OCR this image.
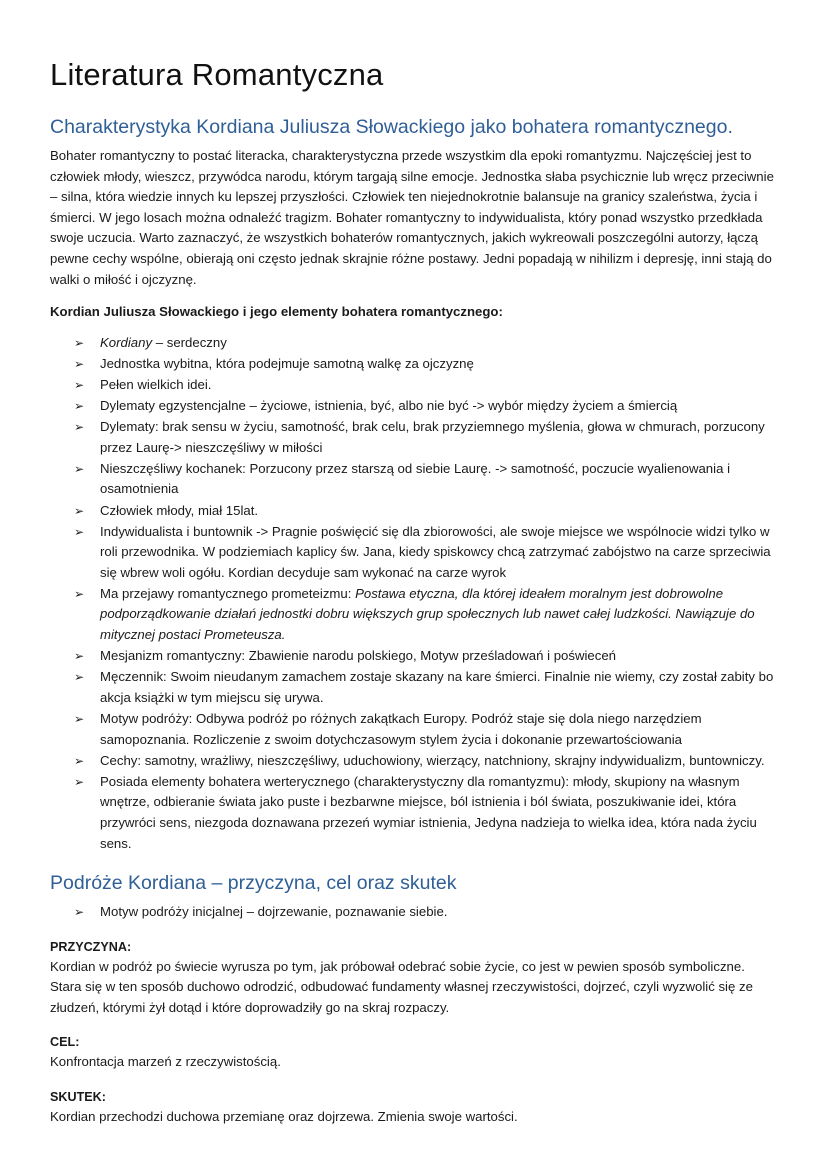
Literatura Romantyczna
Charakterystyka Kordiana Juliusza Słowackiego jako bohatera romantycznego.

Bohater romantyczny to postać literacka, charakterystyczna przede wszystkim dla epoki romantyzmu. Najczęściej jest to człowiek młody, wieszcz, przywódca narodu, którym targają silne emocje. Jednostka słaba psychicznie lub wręcz przeciwnie – silna, która wiedzie innych ku lepszej przyszłości. Człowiek ten niejednokrotnie balansuje na granicy szaleństwa, życia i śmierci. W jego losach można odnaleźć tragizm. Bohater romantyczny to indywidualista, który ponad wszystko przedkłada swoje uczucia. Warto zaznaczyć, że wszystkich bohaterów romantycznych, jakich wykreowali poszczególni autorzy, łączą pewne cechy wspólne, obierają oni często jednak skrajnie różne postawy. Jedni popadają w nihilizm i depresję, inni stają do walki o miłość i ojczyznę.

Kordian Juliusza Słowackiego i jego elementy bohatera romantycznego:
➢ Kordiany – serdeczny
➢ Jednostka wybitna, która podejmuje samotną walkę za ojczyznę
➢ Pełen wielkich idei.
➢ Dylematy egzystencjalne – życiowe, istnienia, być, albo nie być -> wybór między życiem a śmiercią
➢ Dylematy: brak sensu w życiu, samotność, brak celu, brak przyziemnego myślenia, głowa w chmurach, porzucony przez Laurę-> nieszczęśliwy w miłości
➢ Nieszczęśliwy kochanek: Porzucony przez starszą od siebie Laurę. -> samotność, poczucie wyalienowania i osamotnienia
➢ Człowiek młody, miał 15lat.
➢ Indywidualista i buntownik -> Pragnie poświęcić się dla zbiorowości, ale swoje miejsce we wspólnocie widzi tylko w roli przewodnika. W podziemiach kaplicy św. Jana, kiedy spiskowcy chcą zatrzymać zabójstwo na carze sprzeciwia się wbrew woli ogółu. Kordian decyduje sam wykonać na carze wyrok
➢ Ma przejawy romantycznego prometeizmu: Postawa etyczna, dla której ideałem moralnym jest dobrowolne podporządkowanie działań jednostki dobru większych grup społecznych lub nawet całej ludzkości. Nawiązuje do mitycznej postaci Prometeusza.
➢ Mesjanizm romantyczny: Zbawienie narodu polskiego, Motyw prześladowań i poświeceń
➢ Męczennik: Swoim nieudanym zamachem zostaje skazany na kare śmierci. Finalnie nie wiemy, czy został zabity bo akcja książki w tym miejscu się urywa.
➢ Motyw podróży: Odbywa podróż po różnych zakątkach Europy. Podróż staje się dola niego narzędziem samopoznania. Rozliczenie z swoim dotychczasowym stylem życia i dokonanie przewartościowania
➢ Cechy: samotny, wrażliwy, nieszczęśliwy, uduchowiony, wierzący, natchniony, skrajny indywidualizm, buntowniczy.
➢ Posiada elementy bohatera werterycznego (charakterystyczny dla romantyzmu): młody, skupiony na własnym wnętrze, odbieranie świata jako puste i bezbarwne miejsce, ból istnienia i ból świata, poszukiwanie idei, która przywróci sens, niezgoda doznawana przezeń wymiar istnienia, Jedyna nadzieja to wielka idea, która nada życiu sens.
Podróże Kordiana – przyczyna, cel oraz skutek
➢ Motyw podróży inicjalnej – dojrzewanie, poznawanie siebie.
PRZYCZYNA:

Kordian w podróż po świecie wyrusza po tym, jak próbował odebrać sobie życie, co jest w pewien sposób symboliczne. Stara się w ten sposób duchowo odrodzić, odbudować fundamenty własnej rzeczywistości, dojrzeć, czyli wyzwolić się ze złudzeń, którymi żył dotąd i które doprowadziły go na skraj rozpaczy.

CEL:

Konfrontacja marzeń z rzeczywistością.

SKUTEK:

Kordian przechodzi duchowa przemianę oraz dojrzewa. Zmienia swoje wartości.
